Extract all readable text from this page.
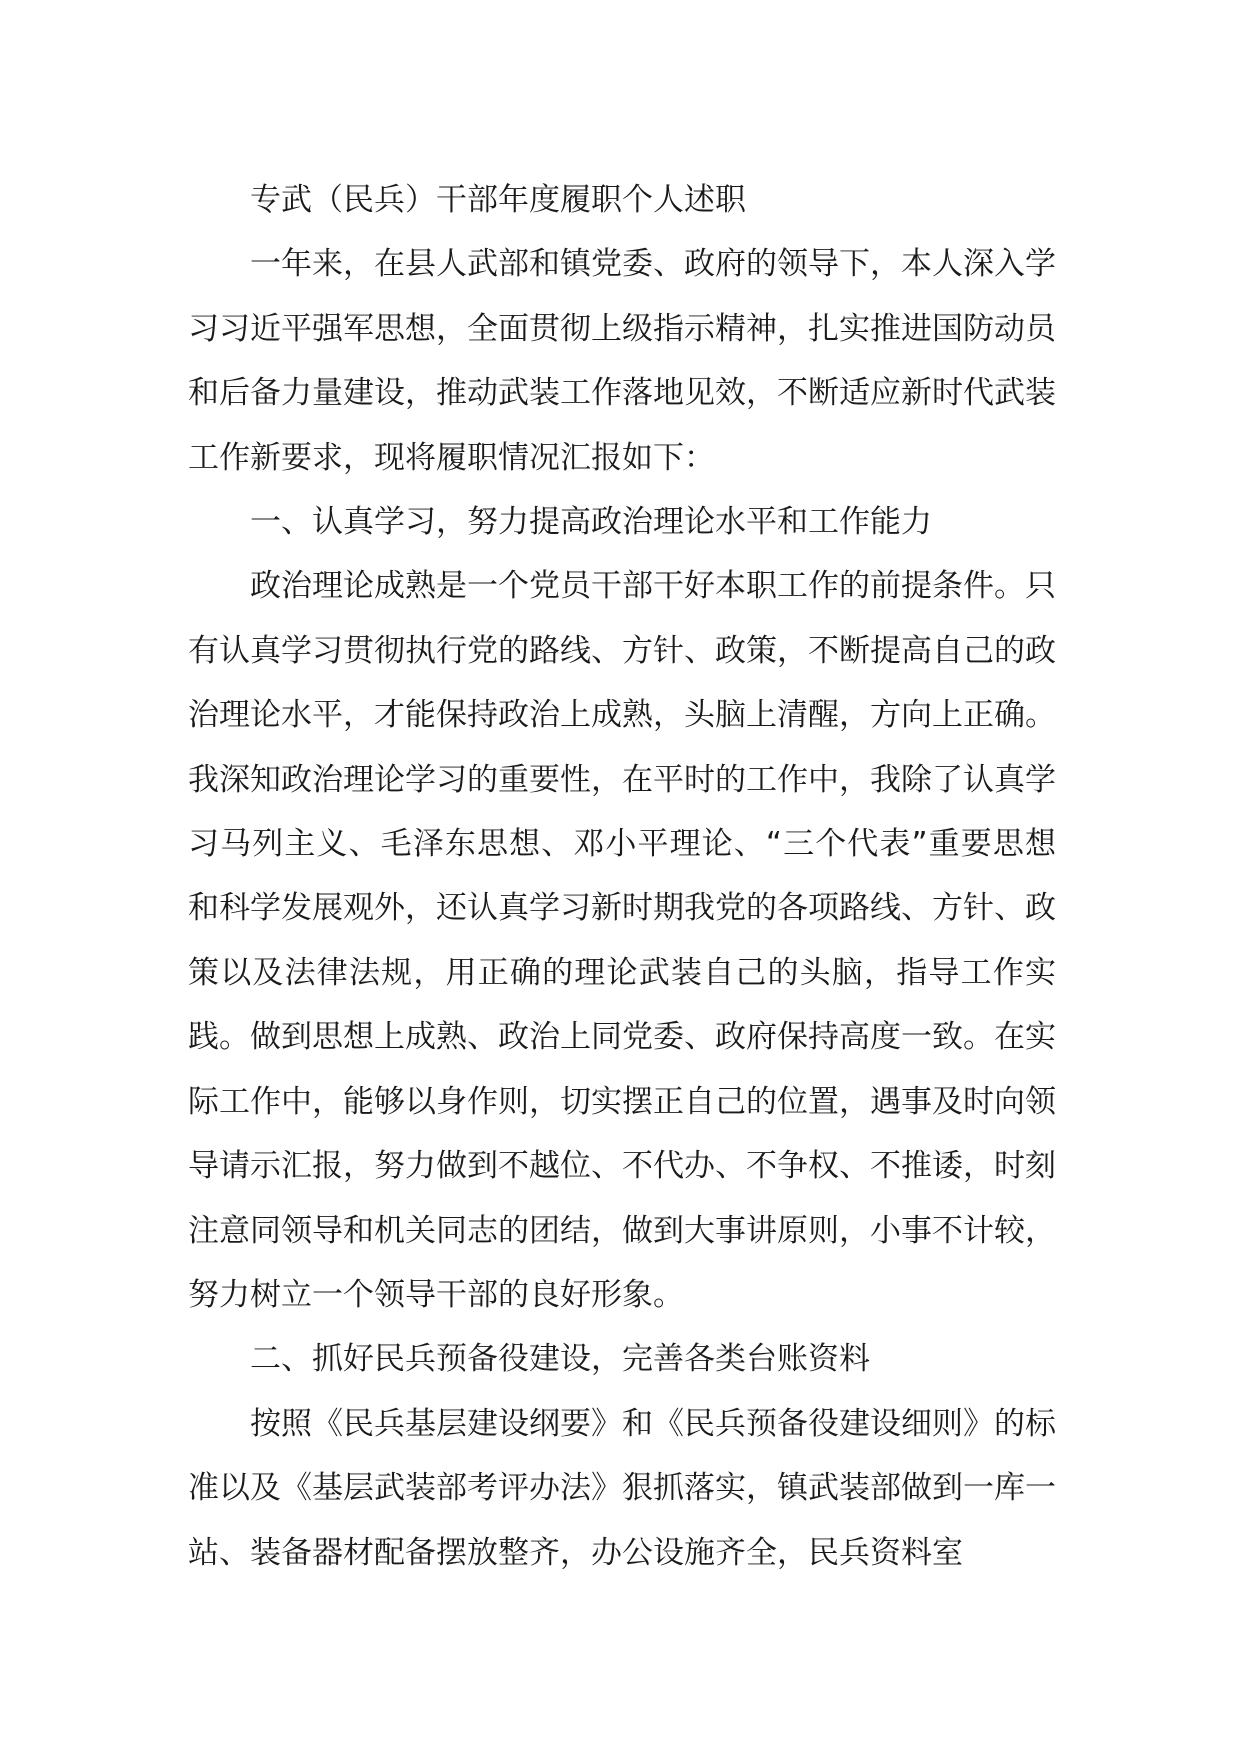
专武（民兵）干部年度履职个人述职

一年来，在县人武部和镇党委、政府的领导下，本人深入学习习近平强军思想，全面贯彻上级指示精神，扎实推进国防动员和后备力量建设，推动武装工作落地见效，不断适应新时代武装工作新要求，现将履职情况汇报如下：

一、认真学习，努力提高政治理论水平和工作能力

政治理论成熟是一个党员干部干好本职工作的前提条件。只有认真学习贯彻执行党的路线、方针、政策，不断提高自己的政治理论水平，才能保持政治上成熟，头脑上清醒，方向上正确。我深知政治理论学习的重要性，在平时的工作中，我除了认真学习马列主义、毛泽东思想、邓小平理论、“三个代表”重要思想和科学发展观外，还认真学习新时期我党的各项路线、方针、政策以及法律法规，用正确的理论武装自己的头脑，指导工作实践。做到思想上成熟、政治上同党委、政府保持高度一致。在实际工作中，能够以身作则，切实摆正自己的位置，遇事及时向领导请示汇报，努力做到不越位、不代办、不争权、不推诿，时刻注意同领导和机关同志的团结，做到大事讲原则，小事不计较，努力树立一个领导干部的良好形象。

二、抓好民兵预备役建设，完善各类台账资料

按照《民兵基层建设纲要》和《民兵预备役建设细则》的标准以及《基层武装部考评办法》狠抓落实，镇武装部做到一库一站、装备器材配备摆放整齐，办公设施齐全，民兵资料室
